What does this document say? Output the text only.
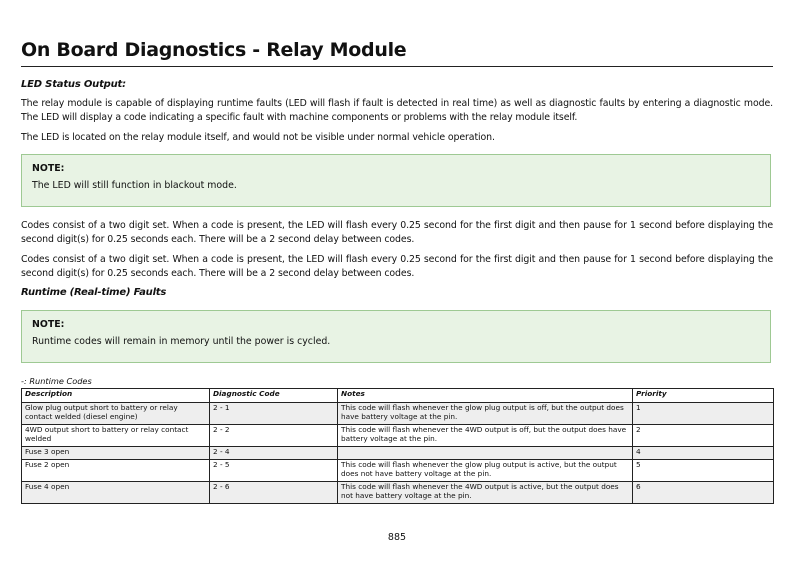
On Board Diagnostics - Relay Module
LED Status Output:
The relay module is capable of displaying runtime faults (LED will flash if fault is detected in real time) as well as diagnostic faults by entering a diagnostic mode. The LED will display a code indicating a specific fault with machine components or problems with the relay module itself.
The LED is located on the relay module itself, and would not be visible under normal vehicle operation.
NOTE:
The LED will still function in blackout mode.
Codes consist of a two digit set. When a code is present, the LED will flash every 0.25 second for the first digit and then pause for 1 second before displaying the second digit(s) for 0.25 seconds each. There will be a 2 second delay between codes.
Codes consist of a two digit set. When a code is present, the LED will flash every 0.25 second for the first digit and then pause for 1 second before displaying the second digit(s) for 0.25 seconds each. There will be a 2 second delay between codes.
Runtime (Real-time) Faults
NOTE:
Runtime codes will remain in memory until the power is cycled.
-: Runtime Codes
Description	Diagnostic Code	Notes	Priority
Glow plug output short to battery or relay contact welded (diesel engine)	2 - 1	This code will flash whenever the glow plug output is off, but the output does have battery voltage at the pin.	1
4WD output short to battery or relay contact welded	2 - 2	This code will flash whenever the 4WD output is off, but the output does have battery voltage at the pin.	2
Fuse 3 open	2 - 4		4
Fuse 2 open	2 - 5	This code will flash whenever the glow plug output is active, but the output does not have battery voltage at the pin.	5
Fuse 4 open	2 - 6	This code will flash whenever the 4WD output is active, but the output does not have battery voltage at the pin.	6
885
